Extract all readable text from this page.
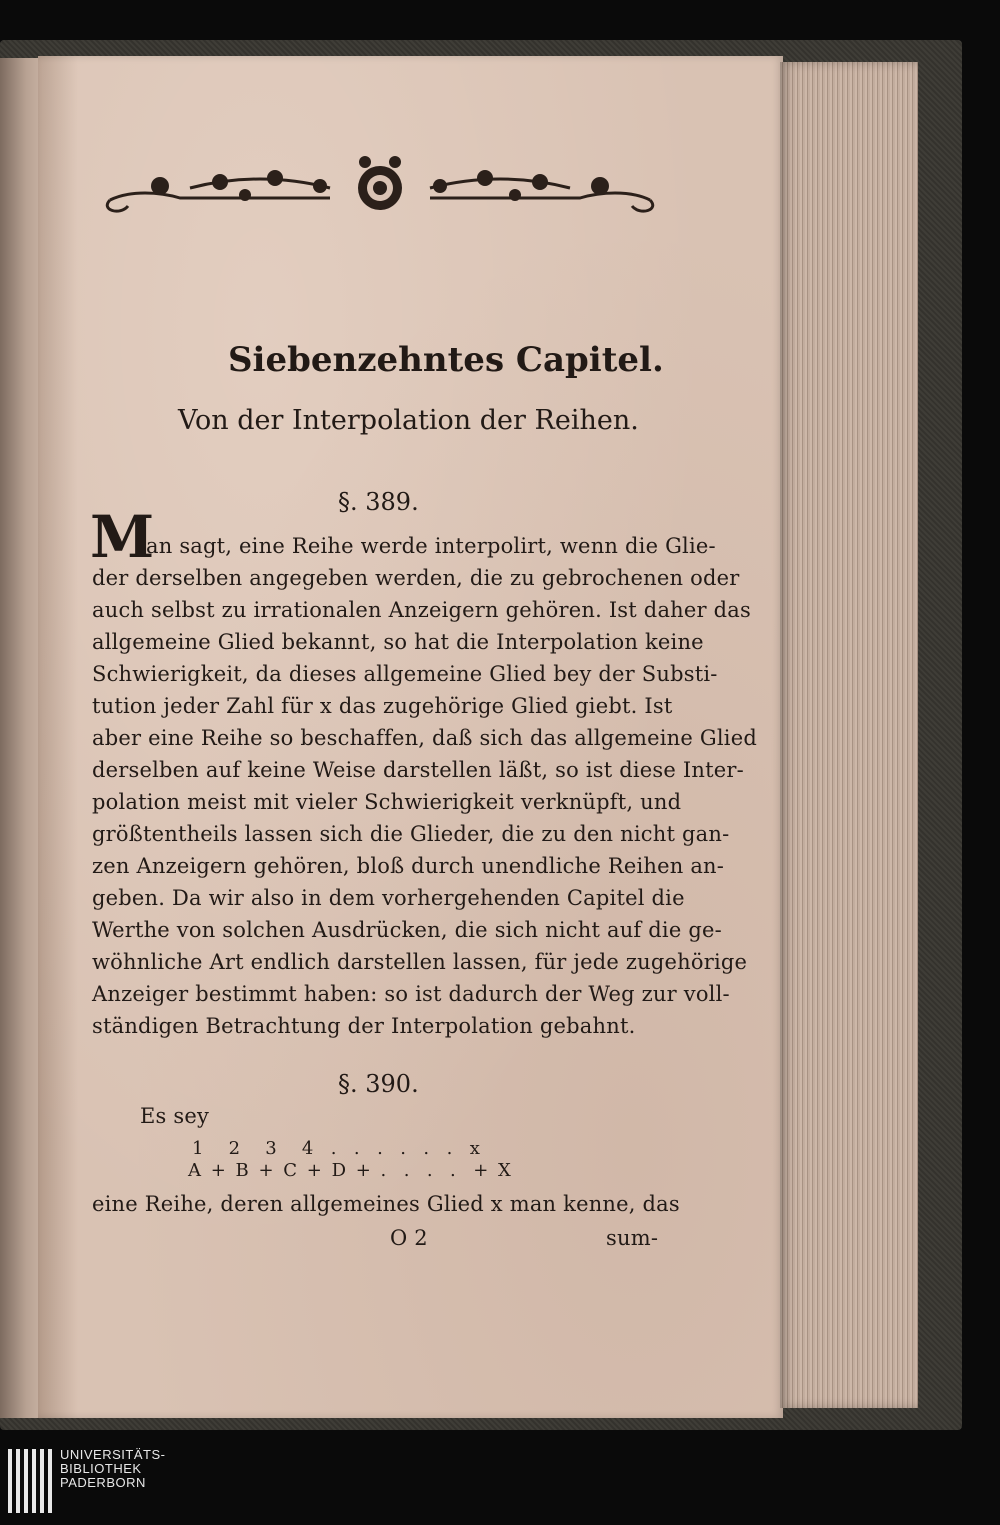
Siebenzehntes Capitel.
Von der Interpolation der Reihen.
§. 389.
M
an sagt, eine Reihe werde interpolirt, wenn die Glie-
der derselben angegeben werden, die zu gebrochenen oder
auch selbst zu irrationalen Anzeigern gehören. Ist daher das
allgemeine Glied bekannt, so hat die Interpolation keine
Schwierigkeit, da dieses allgemeine Glied bey der Substi-
tution jeder Zahl für x das zugehörige Glied giebt. Ist
aber eine Reihe so beschaffen, daß sich das allgemeine Glied
derselben auf keine Weise darstellen läßt, so ist diese Inter-
polation meist mit vieler Schwierigkeit verknüpft, und
größtentheils lassen sich die Glieder, die zu den nicht gan-
zen Anzeigern gehören, bloß durch unendliche Reihen an-
geben. Da wir also in dem vorhergehenden Capitel die
Werthe von solchen Ausdrücken, die sich nicht auf die ge-
wöhnliche Art endlich darstellen lassen, für jede zugehörige
Anzeiger bestimmt haben: so ist dadurch der Weg zur voll-
ständigen Betrachtung der Interpolation gebahnt.
§. 390.
Es sey
1   2   3   4  .  .  .  .  .  .  x
A + B + C + D + .  .  .  .  + X
eine Reihe, deren allgemeines Glied x man kenne, das
O 2	sum-
UNIVERSITÄTS-
BIBLIOTHEK
PADERBORN
